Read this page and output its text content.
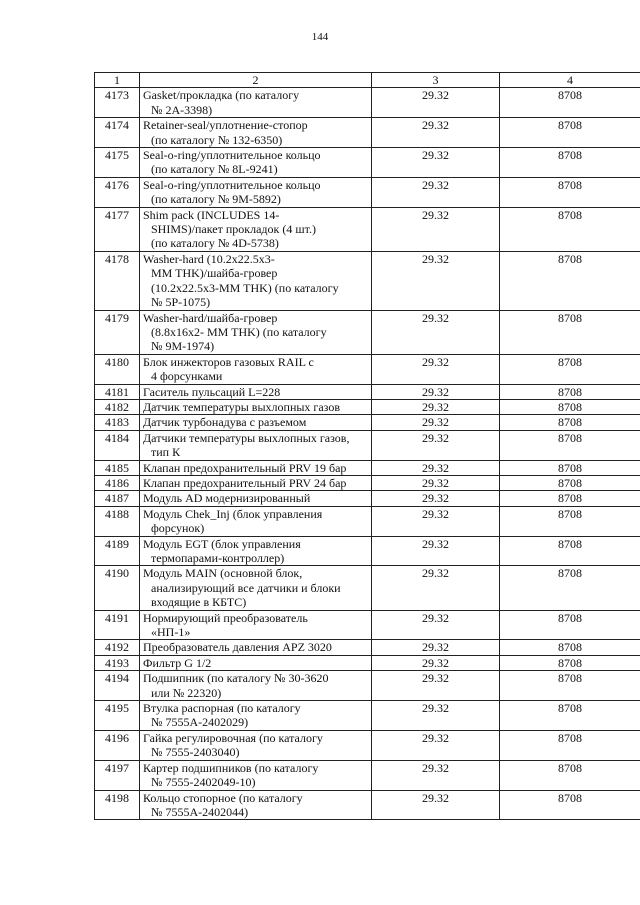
144
1	2	3	4
4173	Gasket/прокладка (по каталогу
№ 2A-3398)	29.32	8708
4174	Retainer-seal/уплотнение-стопор
(по каталогу № 132-6350)	29.32	8708
4175	Seal-o-ring/уплотнительное кольцо
(по каталогу № 8L-9241)	29.32	8708
4176	Seal-o-ring/уплотнительное кольцо
(по каталогу № 9M-5892)	29.32	8708
4177	Shim pack (INCLUDES 14-
SHIMS)/пакет прокладок (4 шт.)
(по каталогу № 4D-5738)	29.32	8708
4178	Washer-hard (10.2x22.5x3-
MM THK)/шайба-гровер
(10.2x22.5x3-MM THK) (по каталогу
№ 5P-1075)	29.32	8708
4179	Washer-hard/шайба-гровер
(8.8x16x2- MM THK) (по каталогу
№ 9M-1974)	29.32	8708
4180	Блок инжекторов газовых RAIL с
4 форсунками	29.32	8708
4181	Гаситель пульсаций L=228	29.32	8708
4182	Датчик температуры выхлопных газов	29.32	8708
4183	Датчик турбонадува с разъемом	29.32	8708
4184	Датчики температуры выхлопных газов,
тип К	29.32	8708
4185	Клапан предохранительный PRV 19 бар	29.32	8708
4186	Клапан предохранительный PRV 24 бар	29.32	8708
4187	Модуль AD модернизированный	29.32	8708
4188	Модуль Chek_Inj (блок управления
форсунок)	29.32	8708
4189	Модуль EGT (блок управления
термопарами-контроллер)	29.32	8708
4190	Модуль MAIN (основной блок,
анализирующий все датчики и блоки
входящие в КБТС)	29.32	8708
4191	Нормирующий преобразователь
«НП-1»	29.32	8708
4192	Преобразователь давления APZ 3020	29.32	8708
4193	Фильтр G 1/2	29.32	8708
4194	Подшипник (по каталогу № 30-3620
или № 22320)	29.32	8708
4195	Втулка распорная (по каталогу
№ 7555А-2402029)	29.32	8708
4196	Гайка регулировочная (по каталогу
№ 7555-2403040)	29.32	8708
4197	Картер подшипников (по каталогу
№ 7555-2402049-10)	29.32	8708
4198	Кольцо стопорное (по каталогу
№ 7555А-2402044)	29.32	8708
